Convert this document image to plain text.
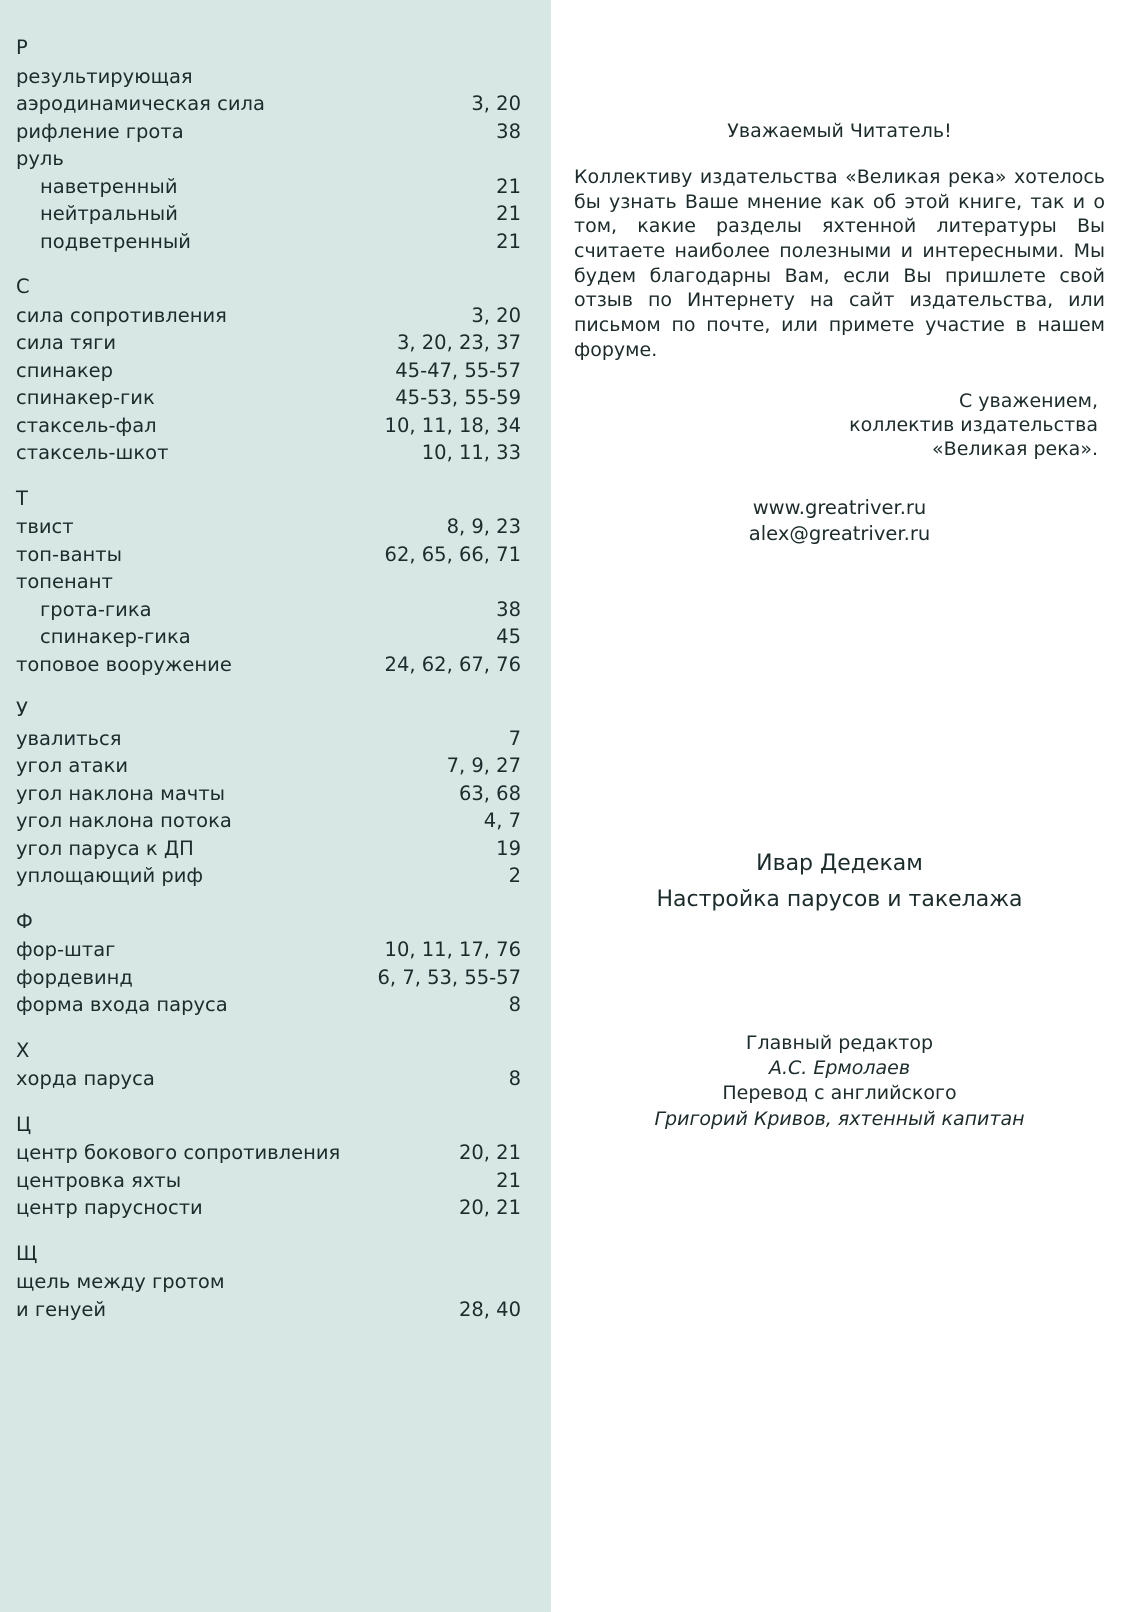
Р
результирующая
аэродинамическая сила	3, 20
рифление грота	38
руль
наветренный	21
нейтральный	21
подветренный	21
С
сила сопротивления	3, 20
сила тяги	3, 20, 23, 37
спинакер	45-47, 55-57
спинакер-гик	45-53, 55-59
стаксель-фал	10, 11, 18, 34
стаксель-шкот	10, 11, 33
Т
твист	8, 9, 23
топ-ванты	62, 65, 66, 71
топенант
грота-гика	38
спинакер-гика	45
топовое вооружение	24, 62, 67, 76
У
увалиться	7
угол атаки	7, 9, 27
угол наклона мачты	63, 68
угол наклона потока	4, 7
угол паруса к ДП	19
уплощающий риф	2
Ф
фор-штаг	10, 11, 17, 76
фордевинд	6, 7, 53, 55-57
форма входа паруса	8
Х
хорда паруса	8
Ц
центр бокового сопротивления	20, 21
центровка яхты	21
центр парусности	20, 21
Щ
щель между гротом
и генуей	28, 40
Уважаемый Читатель!
Коллективу издательства «Великая река» хотелось бы узнать Ваше мнение как об этой книге, так и о том, какие разделы яхтенной литературы Вы считаете наиболее полезными и интересными. Мы будем благодарны Вам, если Вы пришлете свой отзыв по Интернету на сайт издательства, или письмом по почте, или примете участие в нашем форуме.
С уважением,
коллектив издательства
«Великая река».
www.greatriver.ru
alex@greatriver.ru
Ивар Дедекам
Настройка парусов и такелажа
Главный редактор
А.С. Ермолаев
Перевод с английского
Григорий Кривов, яхтенный капитан
